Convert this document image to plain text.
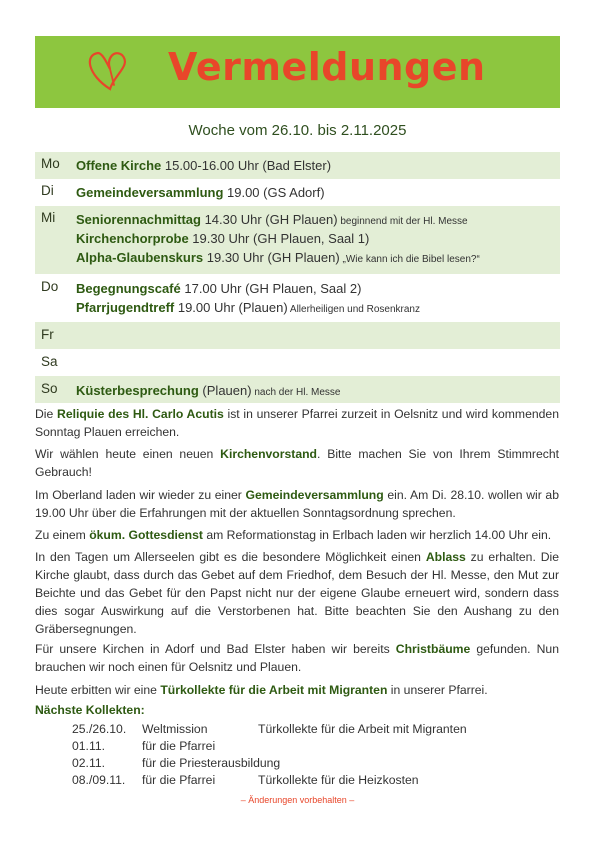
Vermeldungen
Woche vom 26.10. bis 2.11.2025
Mo Offene Kirche 15.00-16.00 Uhr (Bad Elster)
Di Gemeindeversammlung 19.00 (GS Adorf)
Mi Seniorennachmittag 14.30 Uhr (GH Plauen) beginnend mit der Hl. Messe
Kirchenchorprobe 19.30 Uhr (GH Plauen, Saal 1)
Alpha-Glaubenskurs 19.30 Uhr (GH Plauen) „Wie kann ich die Bibel lesen?“
Do Begegnungscafé 17.00 Uhr (GH Plauen, Saal 2)
Pfarrjugendtreff 19.00 Uhr (Plauen) Allerheiligen und Rosenkranz
Fr
Sa
So Küsterbesprechung (Plauen) nach der Hl. Messe
Die Reliquie des Hl. Carlo Acutis ist in unserer Pfarrei zurzeit in Oelsnitz und wird kommenden Sonntag Plauen erreichen.
Wir wählen heute einen neuen Kirchenvorstand. Bitte machen Sie von Ihrem Stimmrecht Gebrauch!
Im Oberland laden wir wieder zu einer Gemeindeversammlung ein. Am Di. 28.10. wollen wir ab 19.00 Uhr über die Erfahrungen mit der aktuellen Sonntagsordnung sprechen.
Zu einem ökum. Gottesdienst am Reformationstag in Erlbach laden wir herzlich 14.00 Uhr ein.
In den Tagen um Allerseelen gibt es die besondere Möglichkeit einen Ablass zu erhalten. Die Kirche glaubt, dass durch das Gebet auf dem Friedhof, dem Besuch der Hl. Messe, den Mut zur Beichte und das Gebet für den Papst nicht nur der eigene Glaube erneuert wird, sondern dass dies sogar Auswirkung auf die Verstorbenen hat. Bitte beachten Sie den Aushang zu den Gräbersegnungen.
Für unsere Kirchen in Adorf und Bad Elster haben wir bereits Christbäume gefunden. Nun brauchen wir noch einen für Oelsnitz und Plauen.
Heute erbitten wir eine Türkollekte für die Arbeit mit Migranten in unserer Pfarrei.
Nächste Kollekten:
25./26.10. Weltmission	Türkollekte für die Arbeit mit Migranten
01.11.	für die Pfarrei
02.11.	für die Priesterausbildung
08./09.11. für die Pfarrei	Türkollekte für die Heizkosten
– Änderungen vorbehalten –
